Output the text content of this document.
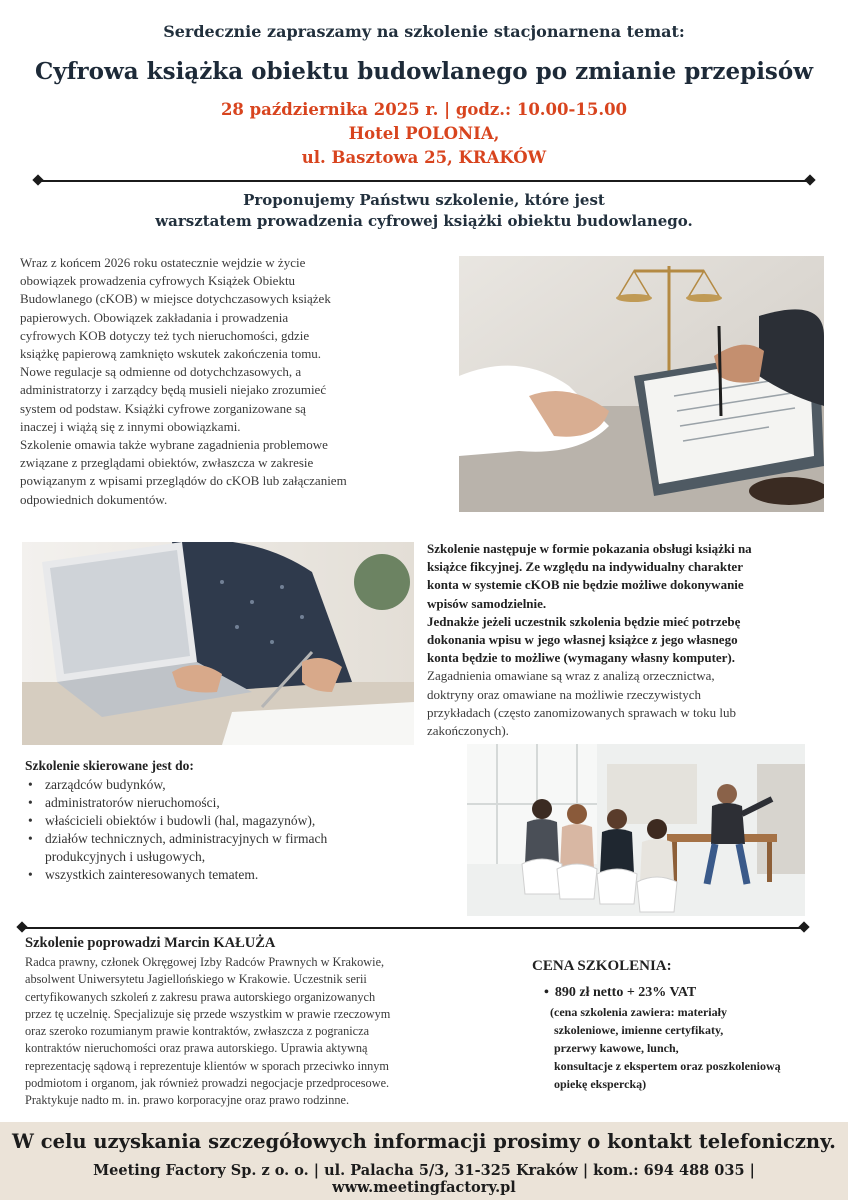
Serdecznie zapraszamy na szkolenie stacjonarnena temat:
Cyfrowa książka obiektu budowlanego po zmianie przepisów
28 października 2025 r. | godz.: 10.00-15.00
Hotel POLONIA,
ul. Basztowa 25, KRAKÓW
Proponujemy Państwu szkolenie, które jest
warsztatem prowadzenia cyfrowej książki obiektu budowlanego.
Wraz z końcem 2026 roku ostatecznie wejdzie w życie
obowiązek prowadzenia cyfrowych Książek Obiektu
Budowlanego (cKOB) w miejsce dotychczasowych książek
papierowych. Obowiązek zakładania i prowadzenia
cyfrowych KOB dotyczy też tych nieruchomości, gdzie
książkę papierową zamknięto wskutek zakończenia tomu.
Nowe regulacje są odmienne od dotychchzasowych, a
administratorzy i zarządcy będą musieli niejako zrozumieć
system od podstaw. Książki cyfrowe zorganizowane są
inaczej i wiążą się z innymi obowiązkami.
Szkolenie omawia także wybrane zagadnienia problemowe
związane z przeglądami obiektów, zwłaszcza w zakresie
powiązanym z wpisami przeglądów do cKOB lub załączaniem
odpowiednich dokumentów.
Szkolenie następuje w formie pokazania obsługi książki na
książce fikcyjnej. Ze względu na indywidualny charakter
konta w systemie cKOB nie będzie możliwe dokonywanie
wpisów samodzielnie.
Jednakże jeżeli uczestnik szkolenia będzie mieć potrzebę
dokonania wpisu w jego własnej książce z jego własnego
konta będzie to możliwe (wymagany własny komputer).
Zagadnienia omawiane są wraz z analizą orzecznictwa,
doktryny oraz omawiane na możliwie rzeczywistych
przykładach (często zanomizowanych sprawach w toku lub
zakończonych).
Szkolenie skierowane jest do:
• zarządców budynków,
• administratorów nieruchomości,
• właścicieli obiektów i budowli (hal, magazynów),
• działów technicznych, administracyjnych w firmach
produkcyjnych i usługowych,
• wszystkich zainteresowanych tematem.
Szkolenie poprowadzi Marcin KAŁUŻA
Radca prawny, członek Okręgowej Izby Radców Prawnych w Krakowie,
absolwent Uniwersytetu Jagiellońskiego w Krakowie. Uczestnik serii
certyfikowanych szkoleń z zakresu prawa autorskiego organizowanych
przez tę uczelnię. Specjalizuje się przede wszystkim w prawie rzeczowym
oraz szeroko rozumianym prawie kontraktów, zwłaszcza z pogranicza
kontraktów nieruchomości oraz prawa autorskiego. Uprawia aktywną
reprezentację sądową i reprezentuje klientów w sporach przeciwko innym
podmiotom i organom, jak również prowadzi negocjacje przedprocesowe.
Praktykuje nadto m. in. prawo korporacyjne oraz prawo rodzinne.
CENA SZKOLENIA:
• 890 zł netto + 23% VAT
(cena szkolenia zawiera: materiały
szkoleniowe, imienne certyfikaty,
przerwy kawowe, lunch,
konsultacje z ekspertem oraz poszkoleniową
opiekę ekspercką)
W celu uzyskania szczegółowych informacji prosimy o kontakt telefoniczny.
Meeting Factory Sp. z o. o. | ul. Palacha 5/3, 31-325 Kraków | kom.: 694 488 035 | www.meetingfactory.pl
